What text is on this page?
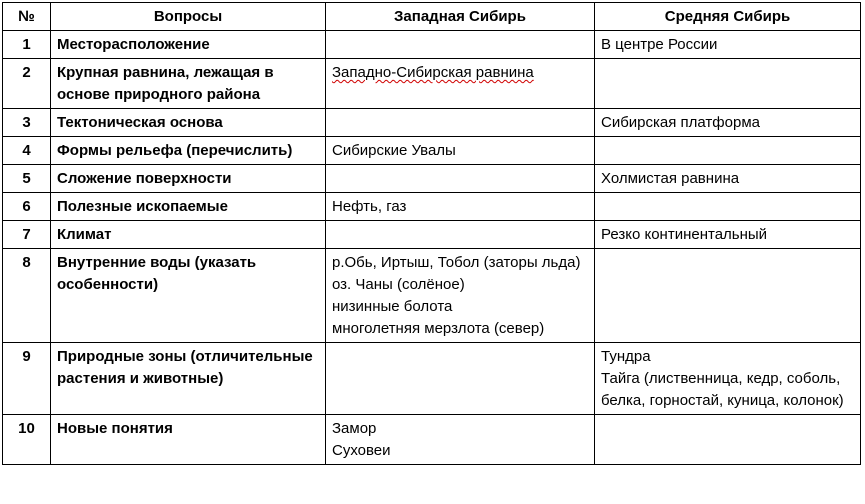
№	Вопросы	Западная Сибирь	Средняя Сибирь
1	Месторасположение		В центре России

2	Крупная равнина, лежащая в основе природного района	Западно-Сибирская равнина	

3	Тектоническая основа		Сибирская платформа

4	Формы рельефа (перечислить)	Сибирские Увалы	

5	Сложение поверхности		Холмистая равнина

6	Полезные ископаемые	Нефть, газ	

7	Климат		Резко континентальный

8	Внутренние воды (указать особенности)	р.Обь, Иртыш, Тобол (заторы льда)
оз. Чаны (солёное)
низинные болота
многолетняя мерзлота (север)	

9	Природные зоны (отличительные растения и животные)		Тундра
Тайга (лиственница, кедр, соболь, белка, горностай, куница, колонок)

10	Новые понятия	Замор
Суховеи	
